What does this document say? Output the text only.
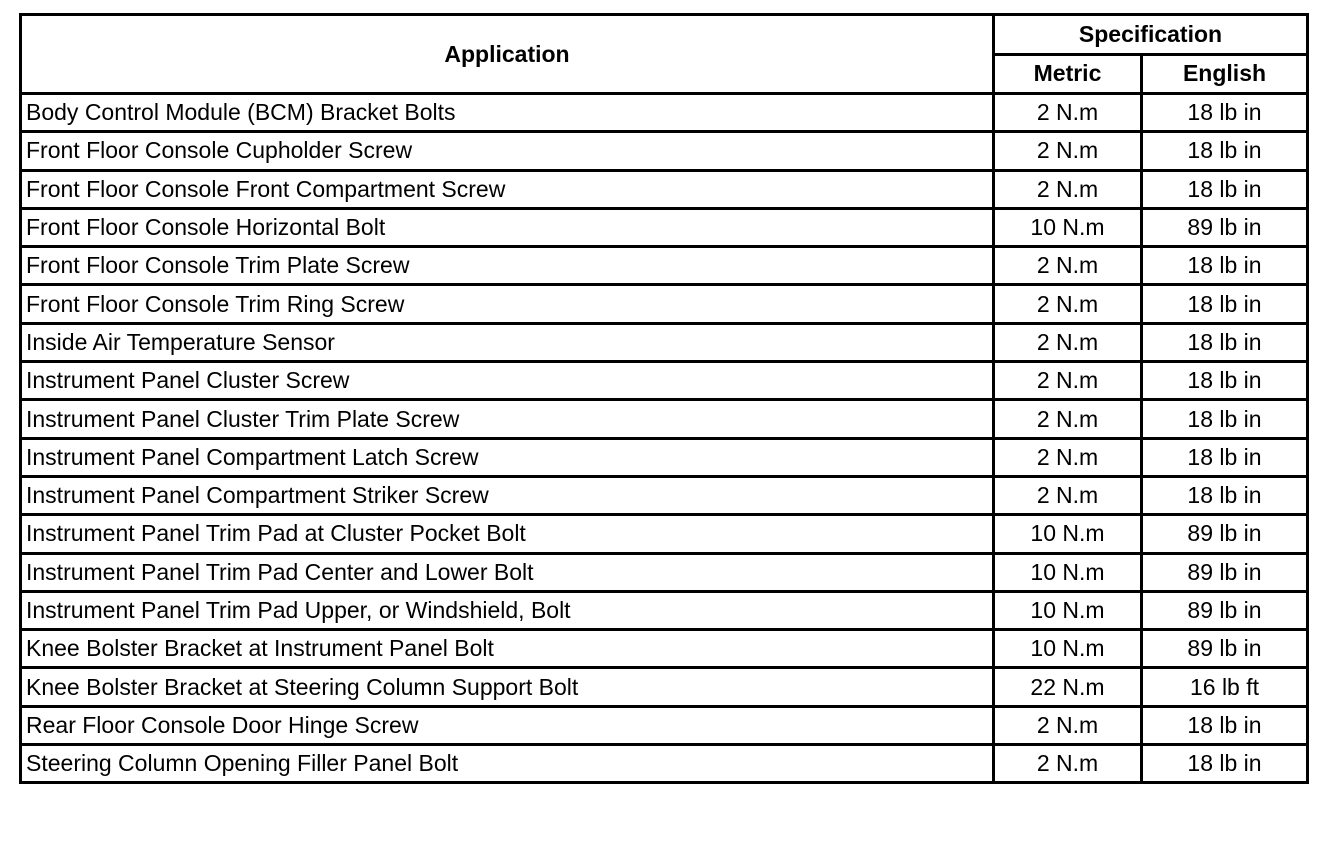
Application	Specification	
	Metric	English
Body Control Module (BCM) Bracket Bolts	2 N.m	18 lb in
Front Floor Console Cupholder Screw	2 N.m	18 lb in
Front Floor Console Front Compartment Screw	2 N.m	18 lb in
Front Floor Console Horizontal Bolt	10 N.m	89 lb in
Front Floor Console Trim Plate Screw	2 N.m	18 lb in
Front Floor Console Trim Ring Screw	2 N.m	18 lb in
Inside Air Temperature Sensor	2 N.m	18 lb in
Instrument Panel Cluster Screw	2 N.m	18 lb in
Instrument Panel Cluster Trim Plate Screw	2 N.m	18 lb in
Instrument Panel Compartment Latch Screw	2 N.m	18 lb in
Instrument Panel Compartment Striker Screw	2 N.m	18 lb in
Instrument Panel Trim Pad at Cluster Pocket Bolt	10 N.m	89 lb in
Instrument Panel Trim Pad Center and Lower Bolt	10 N.m	89 lb in
Instrument Panel Trim Pad Upper, or Windshield, Bolt	10 N.m	89 lb in
Knee Bolster Bracket at Instrument Panel Bolt	10 N.m	89 lb in
Knee Bolster Bracket at Steering Column Support Bolt	22 N.m	16 lb ft
Rear Floor Console Door Hinge Screw	2 N.m	18 lb in
Steering Column Opening Filler Panel Bolt	2 N.m	18 lb in
